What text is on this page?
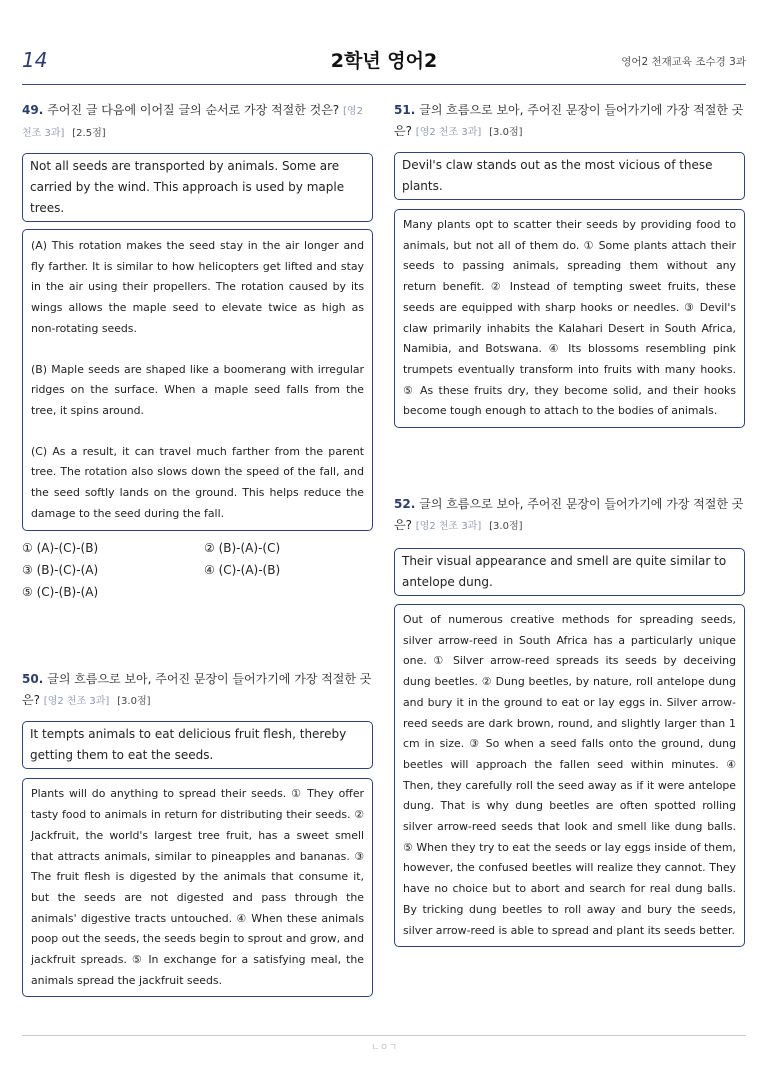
14	2학년 영어2	영어2 천재교육 조수경 3과
49. 주어진 글 다음에 이어질 글의 순서로 가장 적절한 것은? [영2 천조 3과] [2.5점]
Not all seeds are transported by animals. Some are carried by the wind. This approach is used by maple trees.

(A) This rotation makes the seed stay in the air longer and fly farther. It is similar to how helicopters get lifted and stay in the air using their propellers. The rotation caused by its wings allows the maple seed to elevate twice as high as non-rotating seeds.

(B) Maple seeds are shaped like a boomerang with irregular ridges on the surface. When a maple seed falls from the tree, it spins around.

(C) As a result, it can travel much farther from the parent tree. The rotation also slows down the speed of the fall, and the seed softly lands on the ground. This helps reduce the damage to the seed during the fall.

① (A)-(C)-(B)	② (B)-(A)-(C)
③ (B)-(C)-(A)	④ (C)-(A)-(B)
⑤ (C)-(B)-(A)
50. 글의 흐름으로 보아, 주어진 문장이 들어가기에 가장 적절한 곳은? [영2 천조 3과] [3.0점]
It tempts animals to eat delicious fruit flesh, thereby getting them to eat the seeds.
Plants will do anything to spread their seeds. ① They offer tasty food to animals in return for distributing their seeds. ② Jackfruit, the world's largest tree fruit, has a sweet smell that attracts animals, similar to pineapples and bananas. ③ The fruit flesh is digested by the animals that consume it, but the seeds are not digested and pass through the animals' digestive tracts untouched. ④ When these animals poop out the seeds, the seeds begin to sprout and grow, and jackfruit spreads. ⑤ In exchange for a satisfying meal, the animals spread the jackfruit seeds.
51. 글의 흐름으로 보아, 주어진 문장이 들어가기에 가장 적절한 곳은? [영2 천조 3과] [3.0점]
Devil's claw stands out as the most vicious of these plants.
Many plants opt to scatter their seeds by providing food to animals, but not all of them do. ① Some plants attach their seeds to passing animals, spreading them without any return benefit. ② Instead of tempting sweet fruits, these seeds are equipped with sharp hooks or needles. ③ Devil's claw primarily inhabits the Kalahari Desert in South Africa, Namibia, and Botswana. ④ Its blossoms resembling pink trumpets eventually transform into fruits with many hooks. ⑤ As these fruits dry, they become solid, and their hooks become tough enough to attach to the bodies of animals.
52. 글의 흐름으로 보아, 주어진 문장이 들어가기에 가장 적절한 곳은? [영2 천조 3과] [3.0점]
Their visual appearance and smell are quite similar to antelope dung.
Out of numerous creative methods for spreading seeds, silver arrow-reed in South Africa has a particularly unique one. ① Silver arrow-reed spreads its seeds by deceiving dung beetles. ② Dung beetles, by nature, roll antelope dung and bury it in the ground to eat or lay eggs in. Silver arrow-reed seeds are dark brown, round, and slightly larger than 1 cm in size. ③ So when a seed falls onto the ground, dung beetles will approach the fallen seed within minutes. ④ Then, they carefully roll the seed away as if it were antelope dung. That is why dung beetles are often spotted rolling silver arrow-reed seeds that look and smell like dung balls. ⑤ When they try to eat the seeds or lay eggs inside of them, however, the confused beetles will realize they cannot. They have no choice but to abort and search for real dung balls. By tricking dung beetles to roll away and bury the seeds, silver arrow-reed is able to spread and plant its seeds better.
ㄴㅇㄱ
